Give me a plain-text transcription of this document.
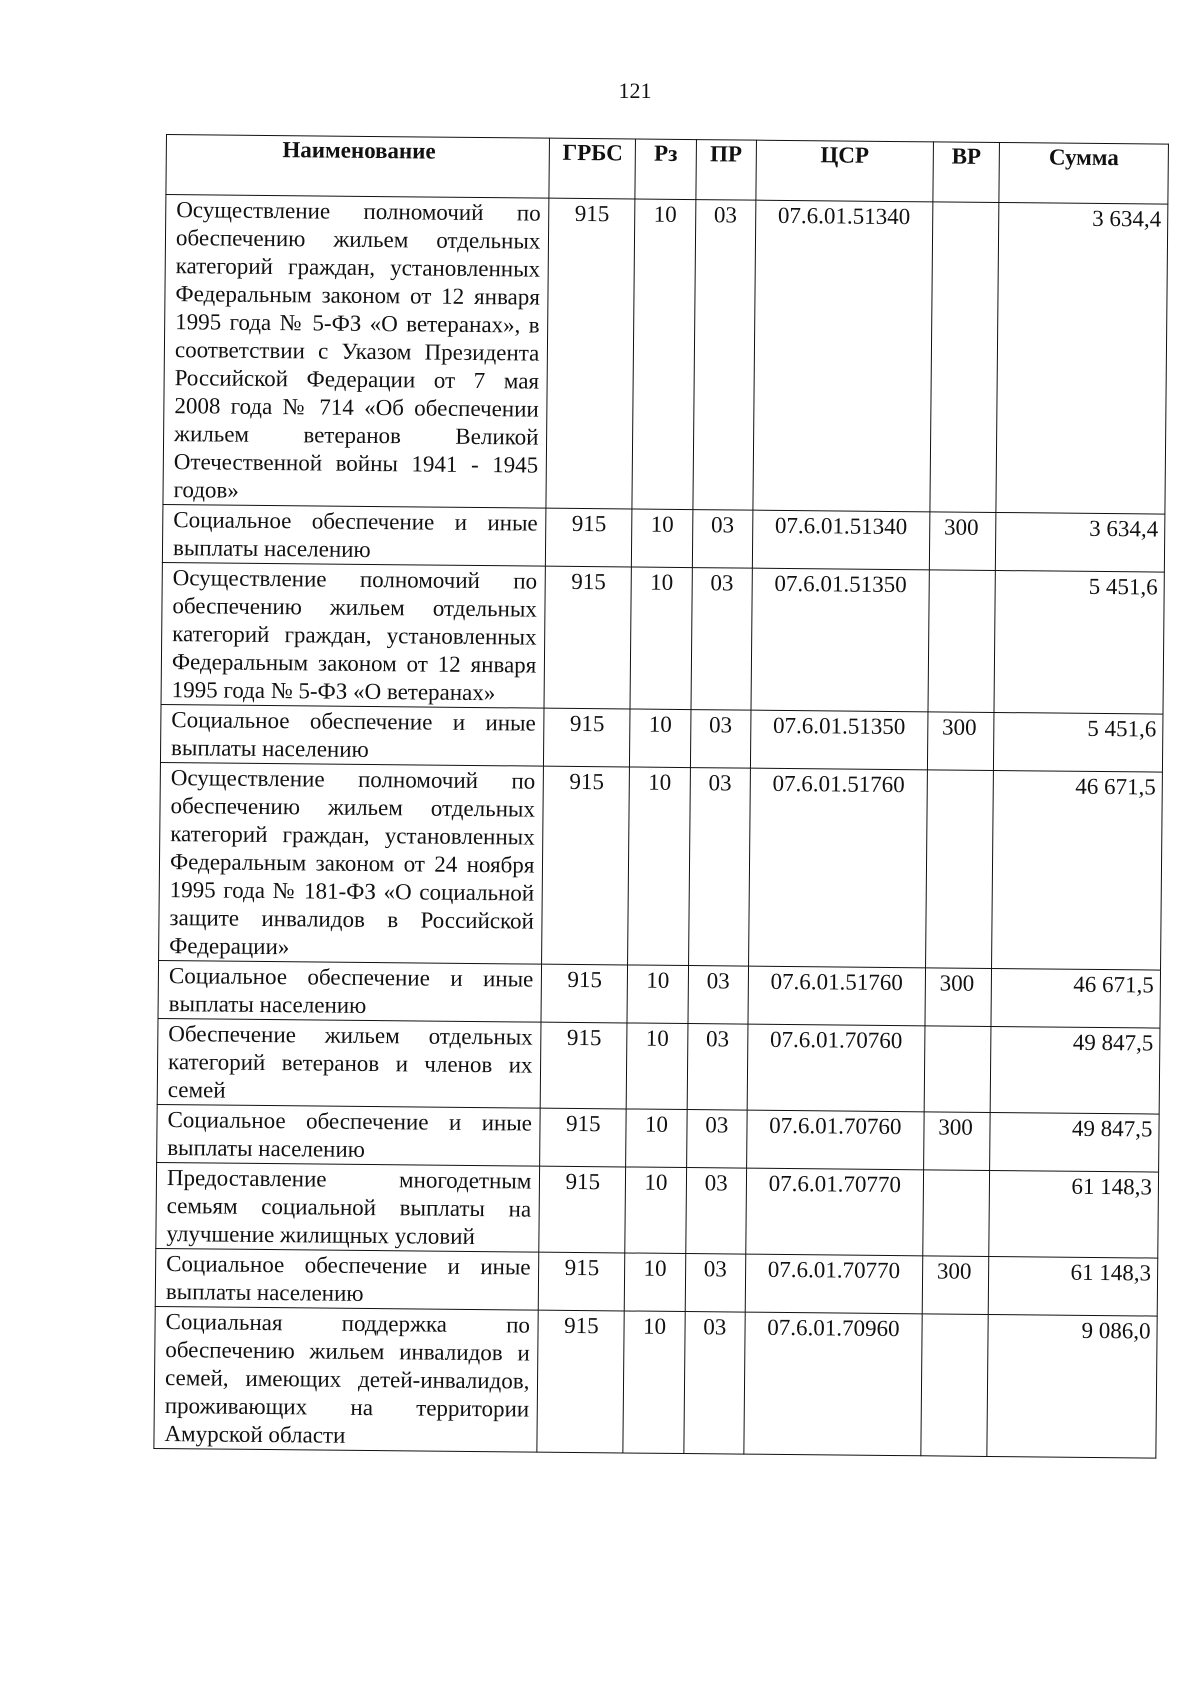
121
Наименование	ГРБС	Рз	ПР	ЦСР	ВР	Сумма
Осуществление полномочий по обеспечению жильем отдельных категорий граждан, установленных Федеральным законом от 12 января 1995 года № 5-ФЗ «О ветеранах», в соответствии с Указом Президента Российской Федерации от 7 мая 2008 года № 714 «Об обеспечении жильем ветеранов Великой Отечественной войны 1941 - 1945 годов»	915	10	03	07.6.01.51340		3 634,4
Социальное обеспечение и иные выплаты населению	915	10	03	07.6.01.51340	300	3 634,4
Осуществление полномочий по обеспечению жильем отдельных категорий граждан, установленных Федеральным законом от 12 января 1995 года № 5-ФЗ «О ветеранах»	915	10	03	07.6.01.51350		5 451,6
Социальное обеспечение и иные выплаты населению	915	10	03	07.6.01.51350	300	5 451,6
Осуществление полномочий по обеспечению жильем отдельных категорий граждан, установленных Федеральным законом от 24 ноября 1995 года № 181-ФЗ «О социальной защите инвалидов в Российской Федерации»	915	10	03	07.6.01.51760		46 671,5
Социальное обеспечение и иные выплаты населению	915	10	03	07.6.01.51760	300	46 671,5
Обеспечение жильем отдельных категорий ветеранов и членов их семей	915	10	03	07.6.01.70760		49 847,5
Социальное обеспечение и иные выплаты населению	915	10	03	07.6.01.70760	300	49 847,5
Предоставление многодетным семьям социальной выплаты на улучшение жилищных условий	915	10	03	07.6.01.70770		61 148,3
Социальное обеспечение и иные выплаты населению	915	10	03	07.6.01.70770	300	61 148,3
Социальная поддержка по обеспечению жильем инвалидов и семей, имеющих детей-инвалидов, проживающих на территории Амурской области	915	10	03	07.6.01.70960		9 086,0
